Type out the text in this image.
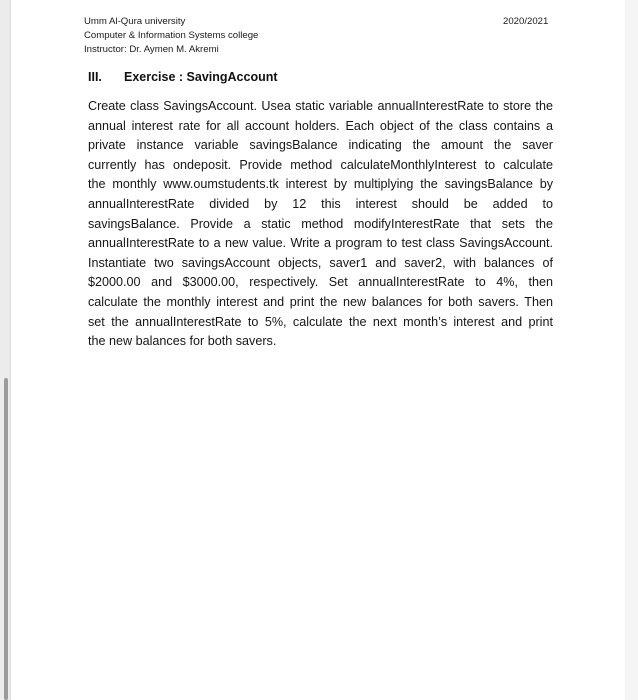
Umm Al-Qura university
Computer & Information Systems college
Instructor: Dr. Aymen M. Akremi
2020/2021
III. Exercise : SavingAccount
Create class SavingsAccount. Usea static variable annualInterestRate to store the
annual interest rate for all account holders. Each object of the class contains a
private instance variable savingsBalance indicating the amount the saver
currently has ondeposit. Provide method calculateMonthlyInterest to calculate
the monthly www.oumstudents.tk interest by multiplying the savingsBalance by
annualInterestRate divided by 12 this interest should be added to
savingsBalance. Provide a static method modifyInterestRate that sets the
annualInterestRate to a new value. Write a program to test class SavingsAccount.
Instantiate two savingsAccount objects, saver1 and saver2, with balances of
$2000.00 and $3000.00, respectively. Set annualInterestRate to 4%, then
calculate the monthly interest and print the new balances for both savers. Then
set the annualInterestRate to 5%, calculate the next month’s interest and print
the new balances for both savers.
